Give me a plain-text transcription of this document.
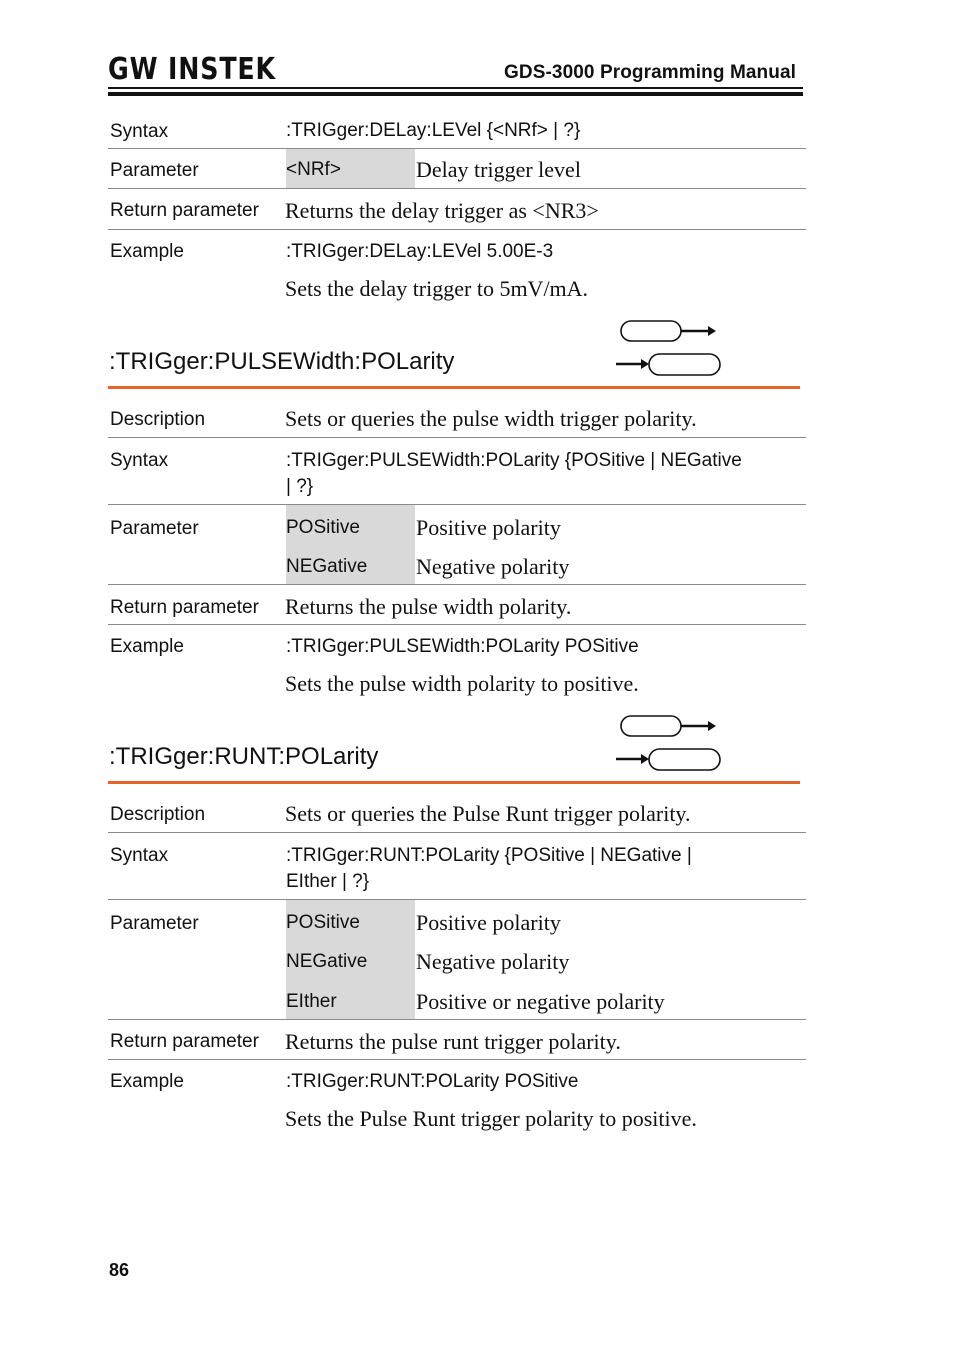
GW INSTEK	GDS-3000 Programming Manual
Syntax	:TRIGger:DELay:LEVel {<NRf> | ?}
Parameter	<NRf>	Delay trigger level
Return parameter Returns the delay trigger as <NR3>
Example	:TRIGger:DELay:LEVel 5.00E-3
Sets the delay trigger to 5mV/mA.
:TRIGger:PULSEWidth:POLarity
Description	Sets or queries the pulse width trigger polarity.
Syntax	:TRIGger:PULSEWidth:POLarity {POSitive | NEGative
| ?}
Parameter	POSitive	Positive polarity
NEGative Negative polarity
Return parameter Returns the pulse width polarity.
Example	:TRIGger:PULSEWidth:POLarity POSitive
Sets the pulse width polarity to positive.
:TRIGger:RUNT:POLarity
Description	Sets or queries the Pulse Runt trigger polarity.
Syntax	:TRIGger:RUNT:POLarity {POSitive | NEGative |
EIther | ?}
Parameter	POSitive	Positive polarity
NEGative Negative polarity
EIther	Positive or negative polarity
Return parameter Returns the pulse runt trigger polarity.
Example	:TRIGger:RUNT:POLarity POSitive
Sets the Pulse Runt trigger polarity to positive.
86
